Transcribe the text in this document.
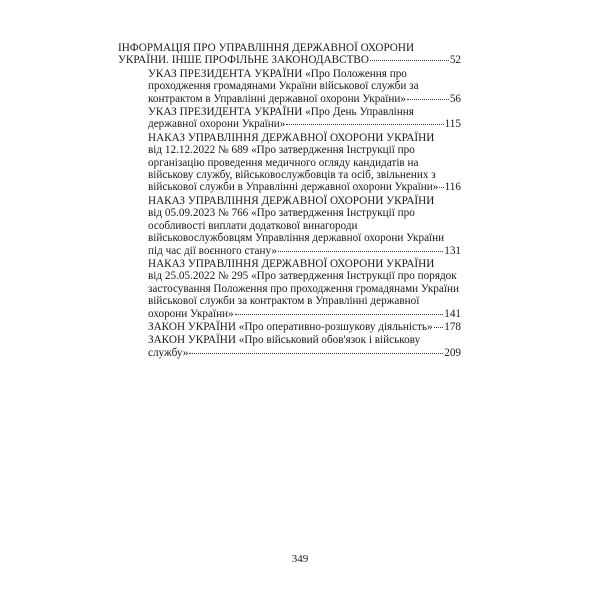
ІНФОРМАЦІЯ ПРО УПРАВЛІННЯ ДЕРЖАВНОЇ ОХОРОНИ
УКРАЇНИ. ІНШЕ ПРОФІЛЬНЕ ЗАКОНОДАВСТВО	52
УКАЗ ПРЕЗИДЕНТА УКРАЇНИ «Про Положення про
проходження громадянами України військової служби за
контрактом в Управлінні державної охорони України»	56
УКАЗ ПРЕЗИДЕНТА УКРАЇНИ «Про День Управління
державної охорони України»	115
НАКАЗ УПРАВЛІННЯ ДЕРЖАВНОЇ ОХОРОНИ УКРАЇНИ
від 12.12.2022 № 689 «Про затвердження Інструкції про
організацію проведення медичного огляду кандидатів на
військову службу, військовослужбовців та осіб, звільнених з
військової служби в Управлінні державної охорони України» 116
НАКАЗ УПРАВЛІННЯ ДЕРЖАВНОЇ ОХОРОНИ УКРАЇНИ
від 05.09.2023 № 766 «Про затвердження Інструкції про
особливості виплати додаткової винагороди
військовослужбовцям Управління державної охорони України
під час дії воєнного стану»	131
НАКАЗ УПРАВЛІННЯ ДЕРЖАВНОЇ ОХОРОНИ УКРАЇНИ
від 25.05.2022 № 295 «Про затвердження Інструкції про порядок
застосування Положення про проходження громадянами України
військової служби за контрактом в Управлінні державної
охорони України»	141
ЗАКОН УКРАЇНИ «Про оперативно-розшукову діяльність» 178
ЗАКОН УКРАЇНИ «Про військовий обов'язок і військову
службу»	209
349
